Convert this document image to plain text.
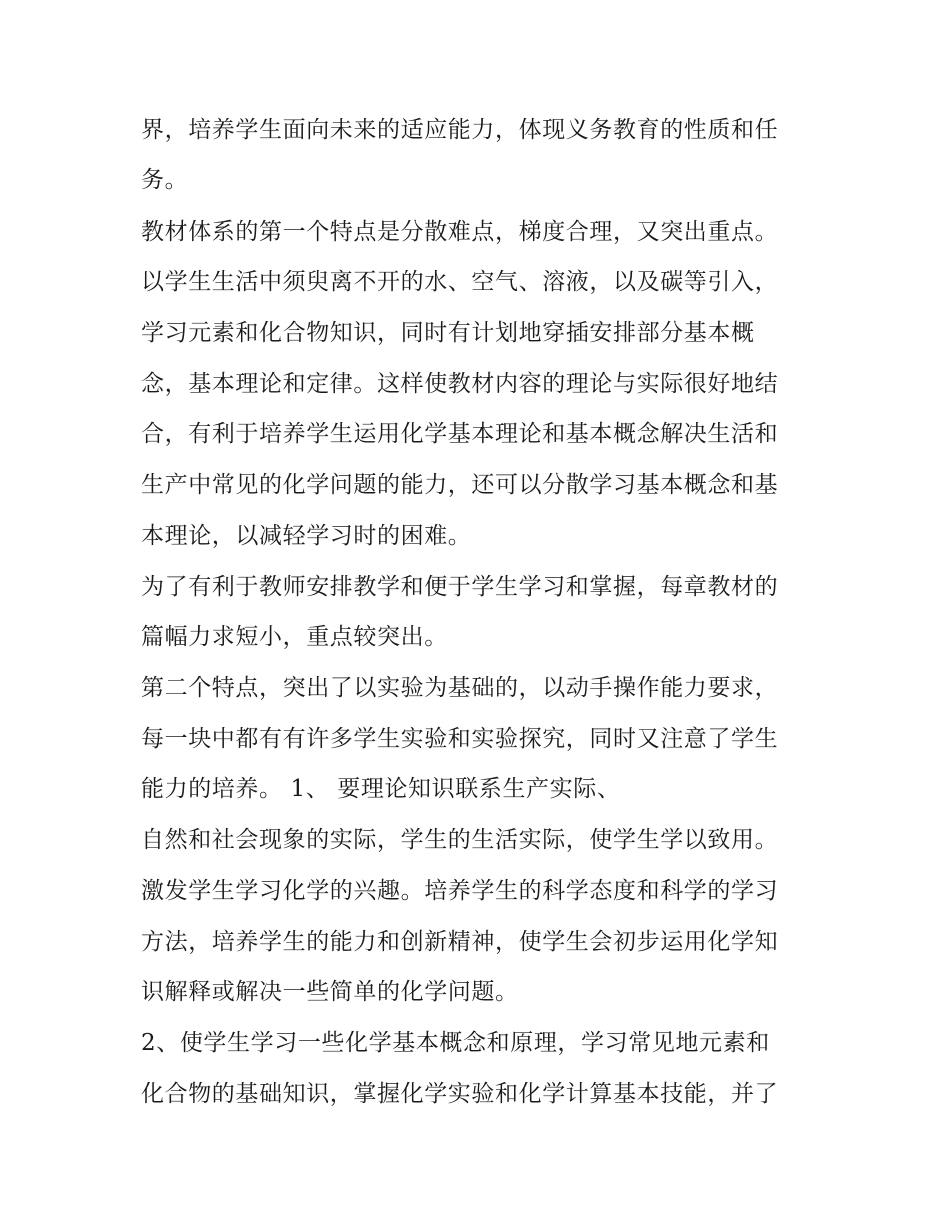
界，培养学生面向未来的适应能力，体现义务教育的性质和任
务。
教材体系的第一个特点是分散难点，梯度合理，又突出重点。
以学生生活中须臾离不开的水、空气、溶液，以及碳等引入，
学习元素和化合物知识，同时有计划地穿插安排部分基本概
念，基本理论和定律。这样使教材内容的理论与实际很好地结
合，有利于培养学生运用化学基本理论和基本概念解决生活和
生产中常见的化学问题的能力，还可以分散学习基本概念和基
本理论，以减轻学习时的困难。
为了有利于教师安排教学和便于学生学习和掌握，每章教材的
篇幅力求短小，重点较突出。
第二个特点，突出了以实验为基础的，以动手操作能力要求，
每一块中都有有许多学生实验和实验探究，同时又注意了学生
能力的培养。 1、 要理论知识联系生产实际、
自然和社会现象的实际，学生的生活实际，使学生学以致用。
激发学生学习化学的兴趣。培养学生的科学态度和科学的学习
方法，培养学生的能力和创新精神，使学生会初步运用化学知
识解释或解决一些简单的化学问题。
2、使学生学习一些化学基本概念和原理，学习常见地元素和
化合物的基础知识，掌握化学实验和化学计算基本技能，并了
